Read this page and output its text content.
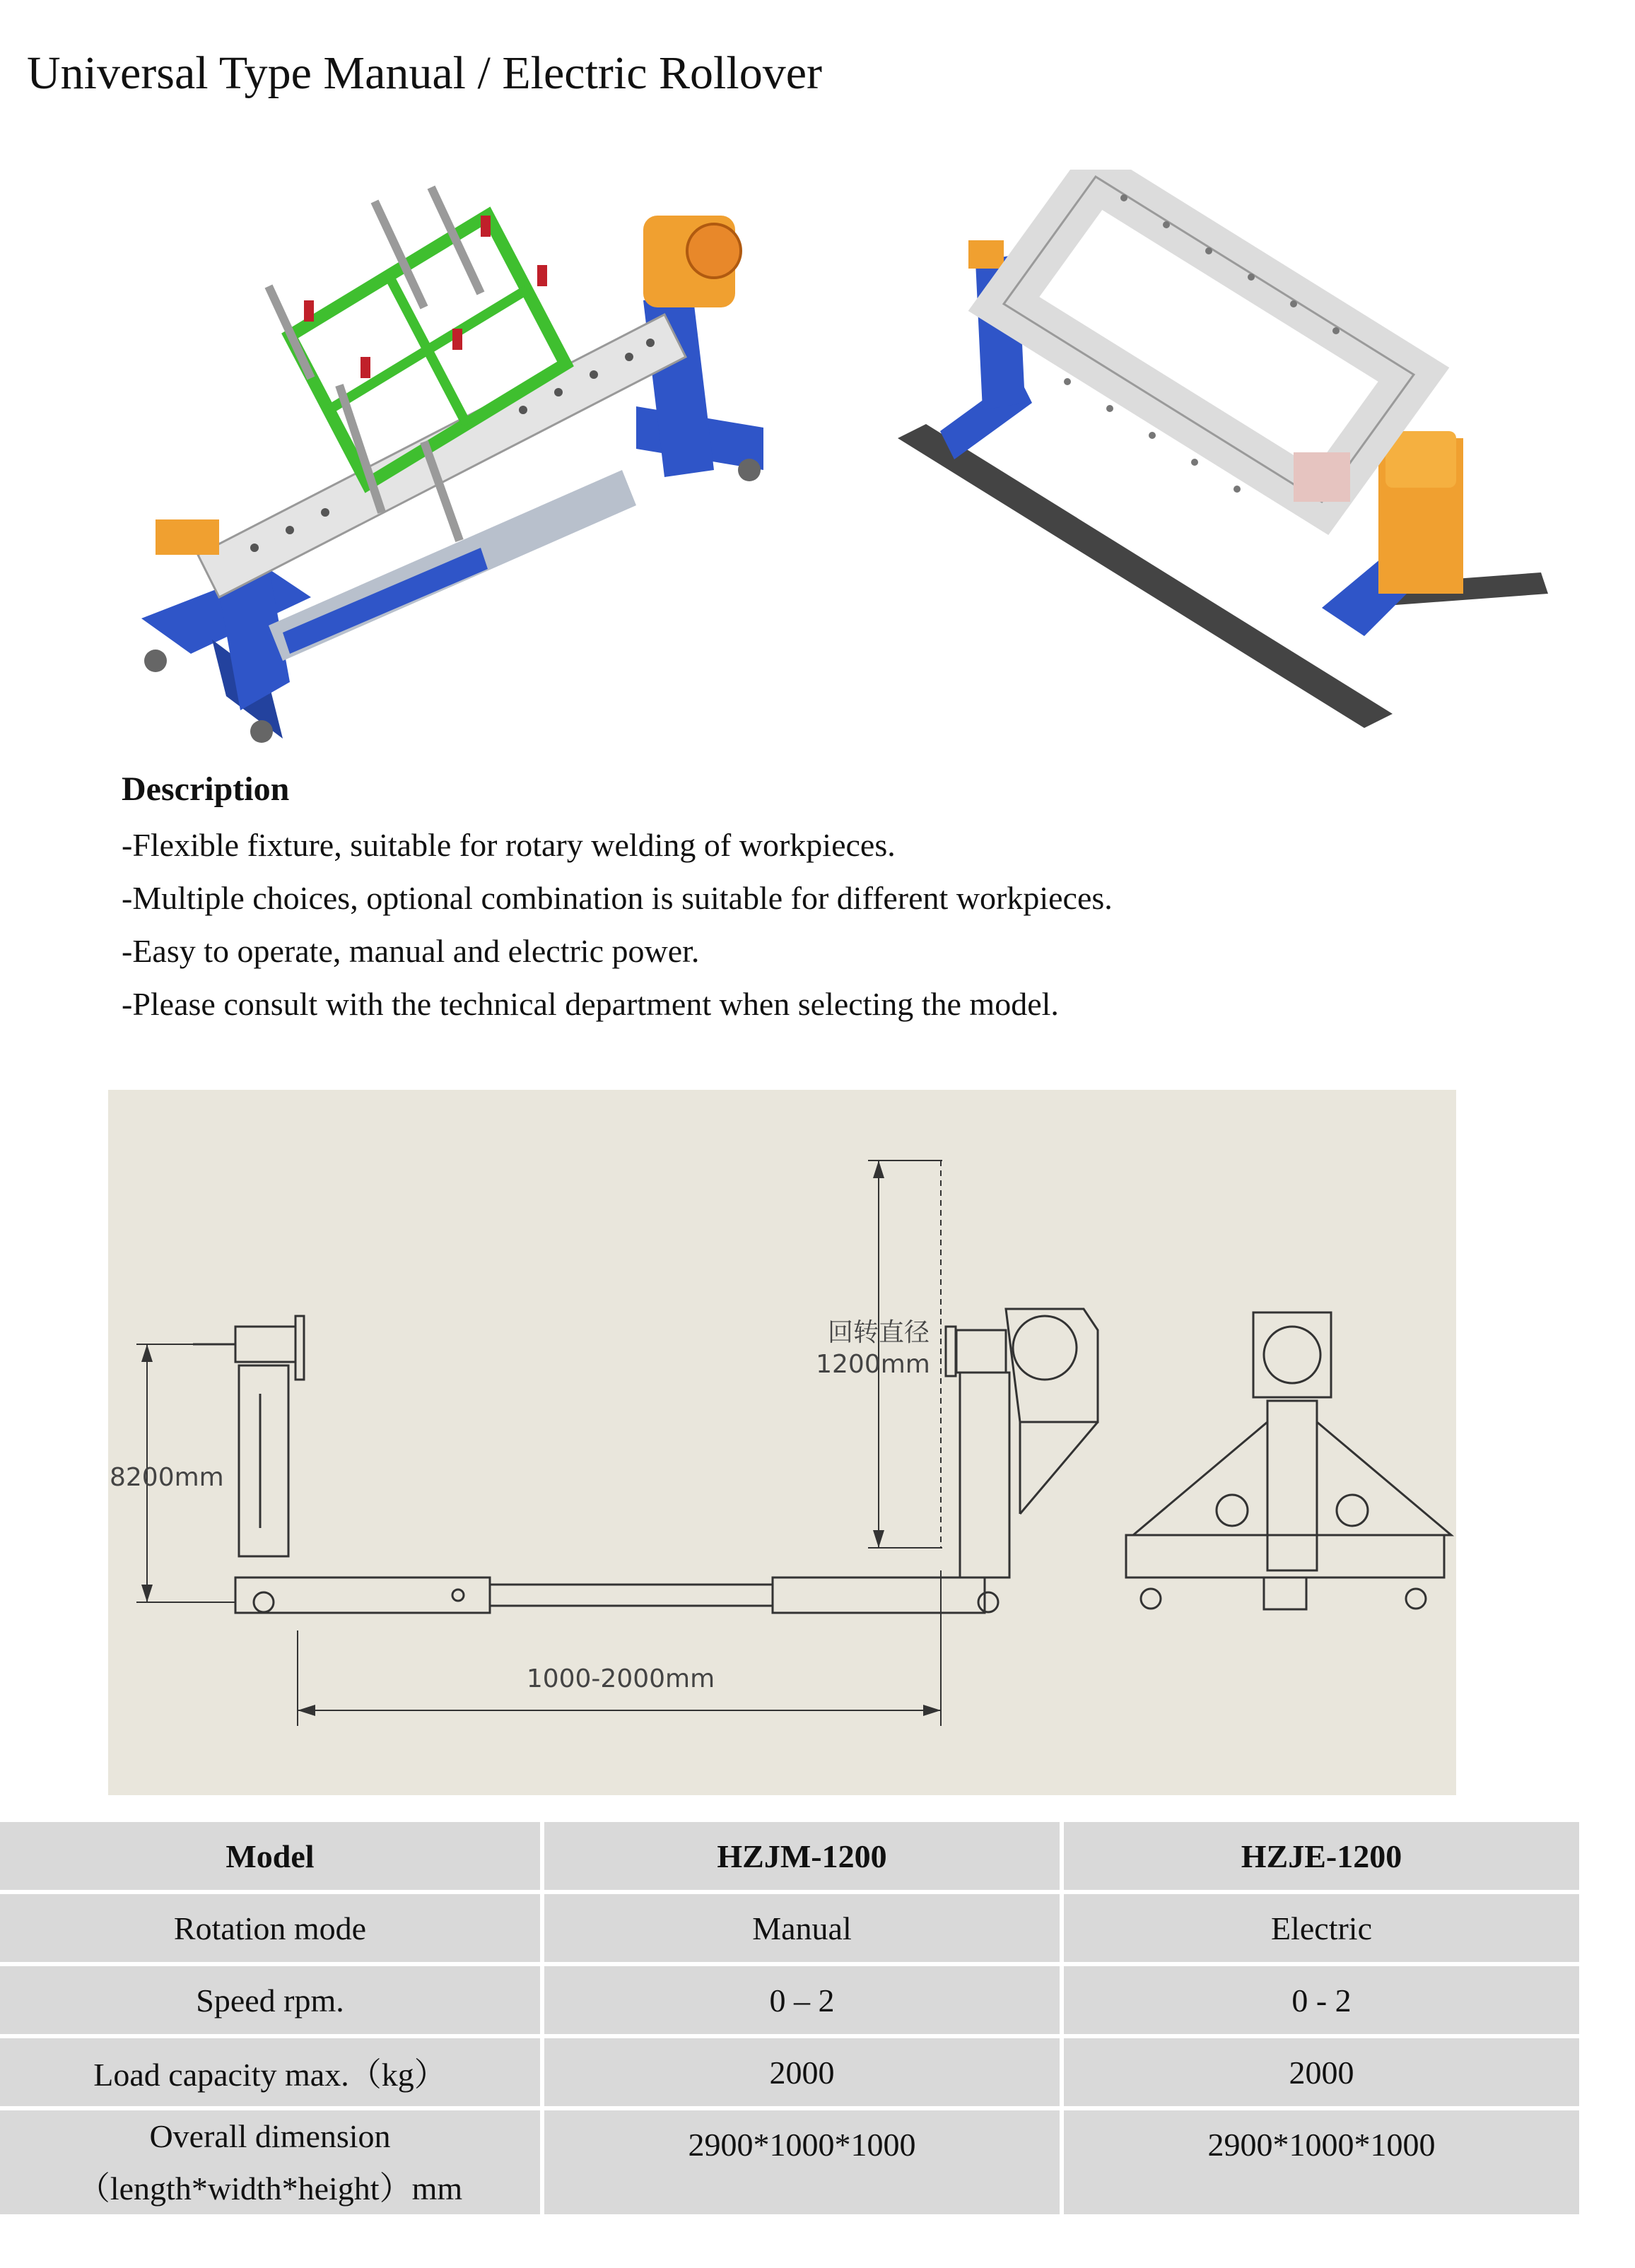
Universal Type Manual / Electric Rollover
Description
-Flexible fixture, suitable for rotary welding of workpieces.
-Multiple choices, optional combination is suitable for different workpieces.
-Easy to operate, manual and electric power.
-Please consult with the technical department when selecting the model.
回转直径
1200mm
8200mm
1000-2000mm
Model	HZJM-1200	HZJE-1200
Rotation mode	Manual	Electric
Speed rpm.	0 – 2	0 - 2
Load capacity max.（kg）	2000	2000

Overall dimension
（length*width*height）mm	2900*1000*1000	2900*1000*1000
